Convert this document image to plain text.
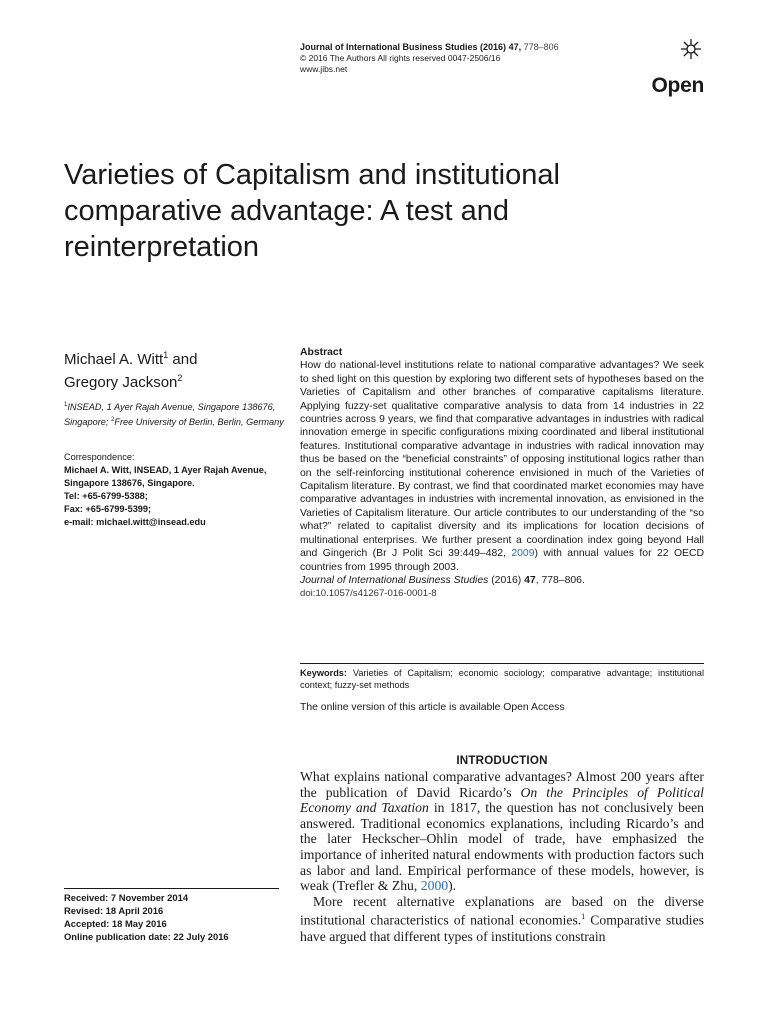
Journal of International Business Studies (2016) 47, 778–806
© 2016 The Authors All rights reserved 0047-2506/16
www.jibs.net
Open
Varieties of Capitalism and institutional comparative advantage: A test and reinterpretation
Michael A. Witt$^1$ and
Gregory Jackson$^2$
$^1$INSEAD, 1 Ayer Rajah Avenue, Singapore 138676, Singapore; $^2$Free University of Berlin, Berlin, Germany
Correspondence:
Michael A. Witt, INSEAD, 1 Ayer Rajah Avenue, Singapore 138676, Singapore.
Tel: +65-6799-5388;
Fax: +65-6799-5399;
e-mail: michael.witt@insead.edu
Abstract
How do national-level institutions relate to national comparative advantages? We seek to shed light on this question by exploring two different sets of hypotheses based on the Varieties of Capitalism and other branches of comparative capitalisms literature. Applying fuzzy-set qualitative comparative analysis to data from 14 industries in 22 countries across 9 years, we find that comparative advantages in industries with radical innovation emerge in specific configurations mixing coordinated and liberal institutional features. Institutional comparative advantage in industries with radical innovation may thus be based on the “beneficial constraints” of opposing institutional logics rather than on the self-reinforcing institutional coherence envisioned in much of the Varieties of Capitalism literature. By contrast, we find that coordinated market economies may have comparative advantages in industries with incremental innovation, as envisioned in the Varieties of Capitalism literature. Our article contributes to our understanding of the “so what?” related to capitalist diversity and its implications for location decisions of multinational enterprises. We further present a coordination index going beyond Hall and Gingerich (Br J Polit Sci 39:449–482, 2009) with annual values for 22 OECD countries from 1995 through 2003.
Journal of International Business Studies (2016) 47, 778–806.
doi:10.1057/s41267-016-0001-8
Keywords: Varieties of Capitalism; economic sociology; comparative advantage; institutional context; fuzzy-set methods
The online version of this article is available Open Access
INTRODUCTION

What explains national comparative advantages? Almost 200 years after the publication of David Ricardo’s On the Principles of Political Economy and Taxation in 1817, the question has not conclusively been answered. Traditional economics explanations, including Ricardo’s and the later Heckscher–Ohlin model of trade, have emphasized the importance of inherited natural endowments with production factors such as labor and land. Empirical performance of these models, however, is weak (Trefler & Zhu, 2000).

More recent alternative explanations are based on the diverse institutional characteristics of national economies.$^1$ Comparative studies have argued that different types of institutions constrain

Received: 7 November 2014
Revised: 18 April 2016
Accepted: 18 May 2016
Online publication date: 22 July 2016
